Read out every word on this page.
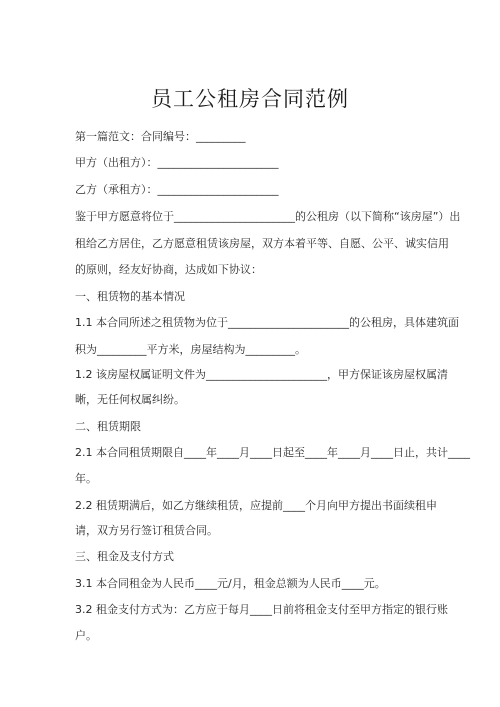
员工公租房合同范例
第一篇范文：合同编号：_________
甲方（出租方）：______________________
乙方（承租方）：______________________
鉴于甲方愿意将位于______________________的公租房（以下简称“该房屋”）出
租给乙方居住，乙方愿意租赁该房屋，双方本着平等、自愿、公平、诚实信用
的原则，经友好协商，达成如下协议：
一、租赁物的基本情况
1.1 本合同所述之租赁物为位于______________________的公租房，具体建筑面
积为_________平方米，房屋结构为_________。
1.2 该房屋权属证明文件为______________________，甲方保证该房屋权属清
晰，无任何权属纠纷。
二、租赁期限
2.1 本合同租赁期限自____年____月____日起至____年____月____日止，共计____
年。
2.2 租赁期满后，如乙方继续租赁，应提前____个月向甲方提出书面续租申
请，双方另行签订租赁合同。
三、租金及支付方式
3.1 本合同租金为人民币____元/月，租金总额为人民币____元。
3.2 租金支付方式为：乙方应于每月____日前将租金支付至甲方指定的银行账
户。
